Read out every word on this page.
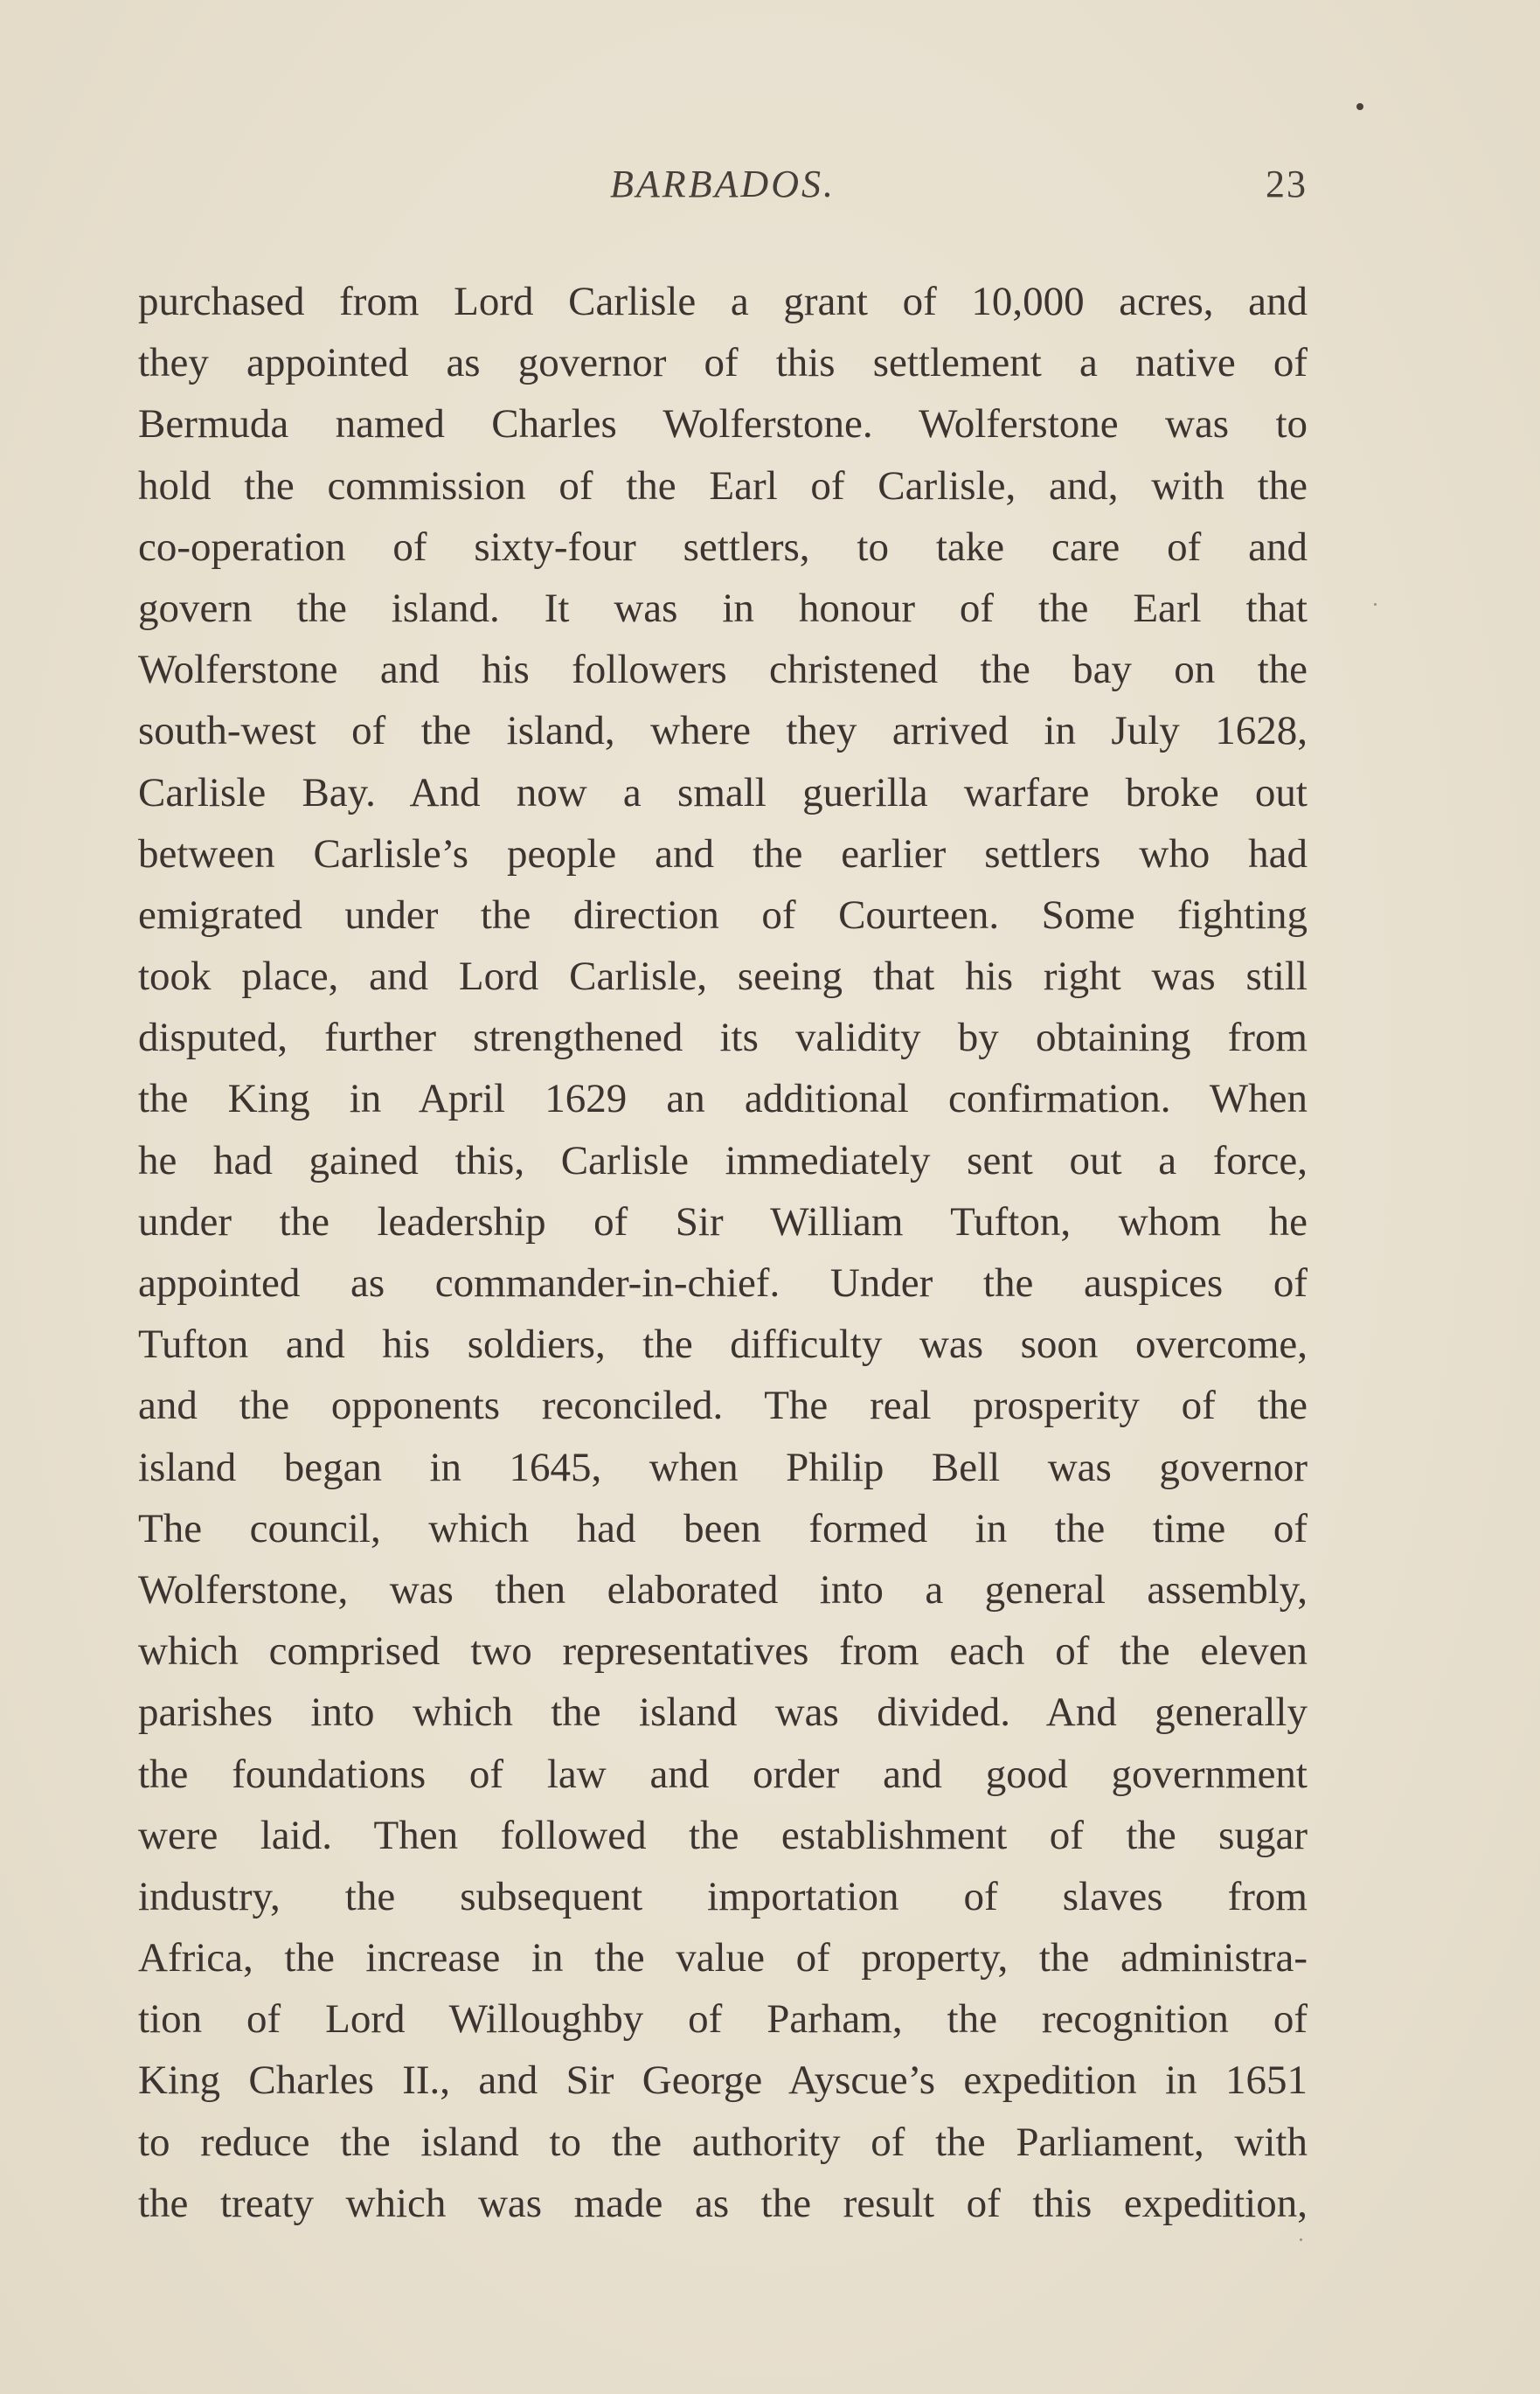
BARBADOS.	23
purchased from Lord Carlisle a grant of 10,000 acres, and
they appointed as governor of this settlement a native of
Bermuda named Charles Wolferstone. Wolferstone was to
hold the commission of the Earl of Carlisle, and, with the
co-operation of sixty-four settlers, to take care of and
govern the island. It was in honour of the Earl that
Wolferstone and his followers christened the bay on the
south-west of the island, where they arrived in July 1628,
Carlisle Bay. And now a small guerilla warfare broke out
between Carlisle’s people and the earlier settlers who had
emigrated under the direction of Courteen. Some fighting
took place, and Lord Carlisle, seeing that his right was still
disputed, further strengthened its validity by obtaining from
the King in April 1629 an additional confirmation. When
he had gained this, Carlisle immediately sent out a force,
under the leadership of Sir William Tufton, whom he
appointed as commander-in-chief. Under the auspices of
Tufton and his soldiers, the difficulty was soon overcome,
and the opponents reconciled. The real prosperity of the
island began in 1645, when Philip Bell was governor
The council, which had been formed in the time of
Wolferstone, was then elaborated into a general assembly,
which comprised two representatives from each of the eleven
parishes into which the island was divided. And generally
the foundations of law and order and good government
were laid. Then followed the establishment of the sugar
industry, the subsequent importation of slaves from
Africa, the increase in the value of property, the administra-
tion of Lord Willoughby of Parham, the recognition of
King Charles II., and Sir George Ayscue’s expedition in 1651
to reduce the island to the authority of the Parliament, with
the treaty which was made as the result of this expedition,
